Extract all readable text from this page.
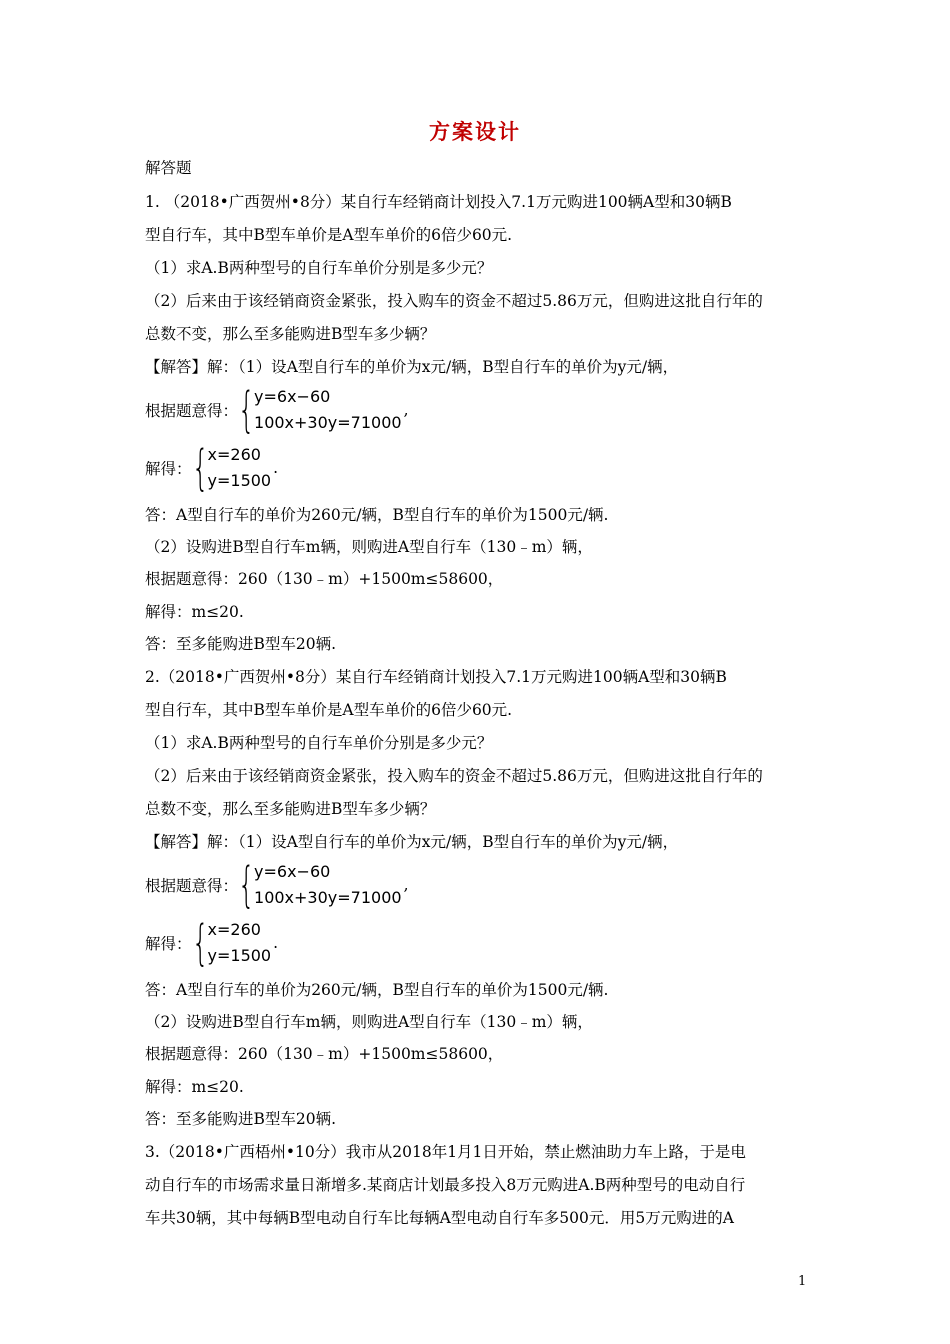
方案设计
解答题
1. （2018•广西贺州•8分）某自行车经销商计划投入7.1万元购进100辆A型和30辆B
型自行车，其中B型车单价是A型车单价的6倍少60元.
（1）求A.B两种型号的自行车单价分别是多少元？
（2）后来由于该经销商资金紧张，投入购车的资金不超过5.86万元，但购进这批自行年的
总数不变，那么至多能购进B型车多少辆？
【解答】解：（1）设A型自行车的单价为x元/辆，B型自行车的单价为y元/辆，
根据题意得： { y=6x−60
100x+30y=71000
,
解得： { x=260
y=1500
.
答：A型自行车的单价为260元/辆，B型自行车的单价为1500元/辆.
（2）设购进B型自行车m辆，则购进A型自行车（130﹣m）辆，
根据题意得：260（130﹣m）+1500m≤58600，
解得：m≤20.
答：至多能购进B型车20辆.
2.（2018•广西贺州•8分）某自行车经销商计划投入7.1万元购进100辆A型和30辆B
型自行车，其中B型车单价是A型车单价的6倍少60元.
（1）求A.B两种型号的自行车单价分别是多少元？
（2）后来由于该经销商资金紧张，投入购车的资金不超过5.86万元，但购进这批自行年的
总数不变，那么至多能购进B型车多少辆？
【解答】解：（1）设A型自行车的单价为x元/辆，B型自行车的单价为y元/辆，
根据题意得： { y=6x−60
100x+30y=71000
,
解得： { x=260
y=1500
.
答：A型自行车的单价为260元/辆，B型自行车的单价为1500元/辆.
（2）设购进B型自行车m辆，则购进A型自行车（130﹣m）辆，
根据题意得：260（130﹣m）+1500m≤58600，
解得：m≤20.
答：至多能购进B型车20辆.
3.（2018•广西梧州•10分）我市从2018年1月1日开始，禁止燃油助力车上路，于是电
动自行车的市场需求量日渐增多.某商店计划最多投入8万元购进A.B两种型号的电动自行
车共30辆，其中每辆B型电动自行车比每辆A型电动自行车多500元．用5万元购进的A
1
